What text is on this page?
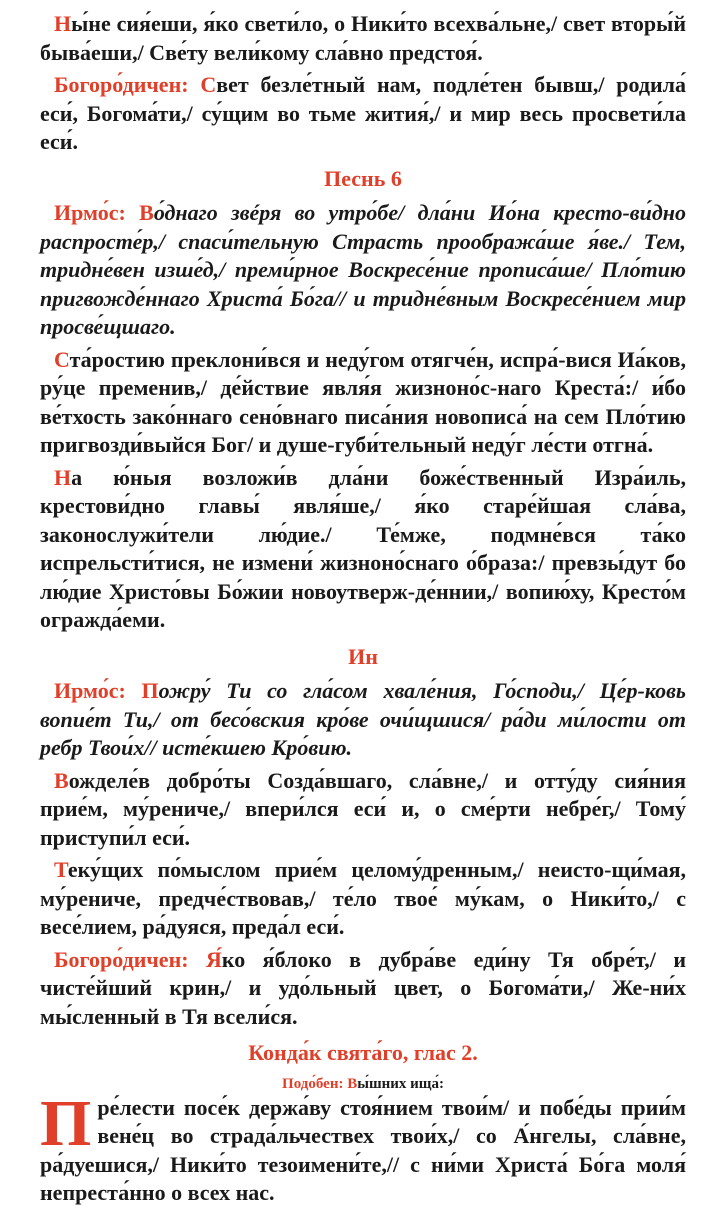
Ны́не сия́еши, я́ко свети́ло, о Ники́то всехва́льне,/ свет вторы́й быва́еши,/ Све́ту вели́кому сла́вно предстоя́.

Богоро́дичен: Свет безле́тный нам, подле́тен бывш,/ родила́ еси́, Богома́ти,/ су́щим во тьме жития́,/ и мир весь просвети́ла еси́.

Песнь 6

Ирмо́с: Во́днаго звéря во утро́бе/ дла́ни Ио́на кресто-ви́дно распросте́р,/ спаси́тельную Страсть прообража́ше я́ве./ Тем, тридне́вен изше́д,/ преми́рное Воскресе́ние прописа́ше/ Пло́тию пригвожде́ннаго Христа́ Бо́га// и тридне́вным Воскресе́нием мир просве́щшаго.

Ста́ростию преклони́вся и неду́гом отягче́н, испра́-вися Иа́ков, ру́це пременив,/ де́йствие явля́я жизноно́с-наго Креста́:/ и́бо ве́тхость зако́ннаго сено́внаго писа́ния новописа́ на сем Пло́тию пригвозди́выйся Бог/ и душе-губи́тельный неду́г ле́сти отгна́.

На ю́ныя возложи́в дла́ни боже́ственный Изра́иль, крестови́дно главы́ явля́ше,/ я́ко старе́йшая сла́ва, законослужи́тели лю́дие./ Те́мже, подмне́вся та́ко испрельсти́тися, не измени́ жизноно́снаго о́браза:/ превзы́дут бо лю́дие Христо́вы Бо́жии новоутверж-де́ннии,/ вопию́ху, Кресто́м огражда́еми.

Ин

Ирмо́с: Пожру́ Ти со гла́сом хвале́ния, Го́споди,/ Це́р-ковь вопие́т Ти,/ от бесо́вския кро́ве очи́щшися/ ра́ди ми́лости от ребр Твои́х// исте́кшею Кро́вию.

Вожделе́в добро́ты Созда́вшаго, сла́вне,/ и отту́ду сия́ния прие́м, му́рениче,/ впери́лся еси́ и, о сме́рти небре́г,/ Тому́ приступи́л еси́.

Теку́щих по́мыслом прие́м целому́дренным,/ неисто-щи́мая, му́рениче, предче́ствовав,/ те́ло твое́ му́кам, о Ники́то,/ с весе́лием, ра́дуяся, преда́л еси́.

Богоро́дичен: Я́ко я́блоко в дубра́ве еди́ну Тя обре́т,/ и чисте́йший крин,/ и удо́льный цвет, о Богома́ти,/ Же-ни́х мы́сленный в Тя всели́ся.

Конда́к свята́го, глас 2.
Подо́бен: Вы́шних ища́:

Пре́лести посе́к держа́ву стоя́нием твои́м/ и побе́ды прии́м вене́ц во страда́льчествех твои́х,/ со А́нгелы, сла́вне, ра́дуешися,/ Ники́то тезоимени́те,// с ни́ми Христа́ Бо́га моля́ непреста́нно о всех нас.
